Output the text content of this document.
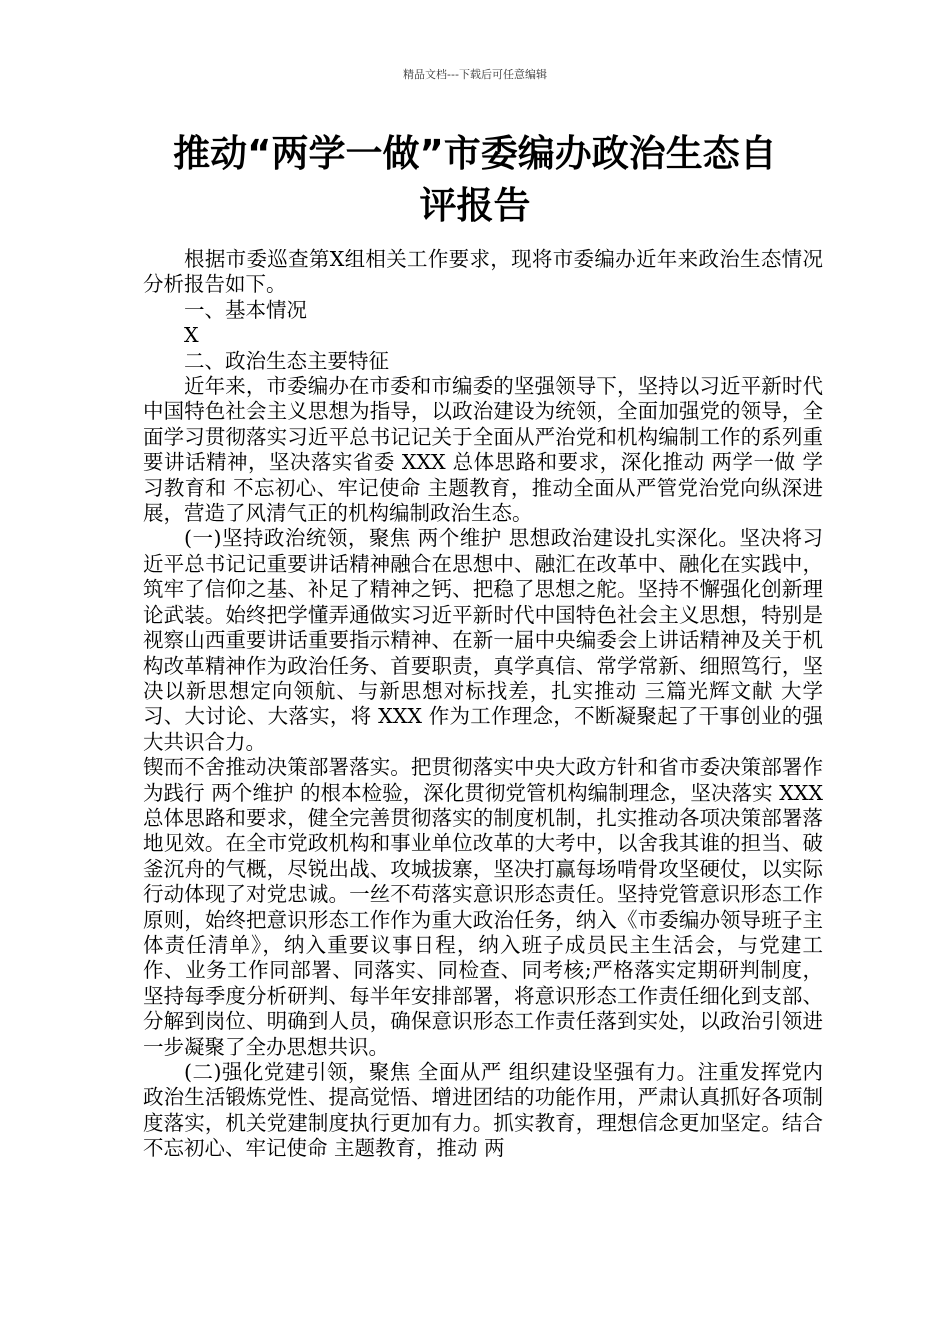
精品文档---下载后可任意编辑
推动“两学一做”市委编办政治生态自
评报告

根据市委巡查第X组相关工作要求，现将市委编办近年来政治生态情况分析报告如下。

一、基本情况

X

二、政治生态主要特征

近年来，市委编办在市委和市编委的坚强领导下，坚持以习近平新时代中国特色社会主义思想为指导，以政治建设为统领，全面加强党的领导，全面学习贯彻落实习近平总书记记关于全面从严治党和机构编制工作的系列重要讲话精神，坚决落实省委 XXX 总体思路和要求，深化推动 两学一做 学习教育和 不忘初心、牢记使命 主题教育，推动全面从严管党治党向纵深进展，营造了风清气正的机构编制政治生态。

(一)坚持政治统领，聚焦 两个维护 思想政治建设扎实深化。坚决将习近平总书记记重要讲话精神融合在思想中、融汇在改革中、融化在实践中，筑牢了信仰之基、补足了精神之钙、把稳了思想之舵。坚持不懈强化创新理论武装。始终把学懂弄通做实习近平新时代中国特色社会主义思想，特别是视察山西重要讲话重要指示精神、在新一届中央编委会上讲话精神及关于机构改革精神作为政治任务、首要职责，真学真信、常学常新、细照笃行，坚决以新思想定向领航、与新思想对标找差，扎实推动 三篇光辉文献 大学习、大讨论、大落实，将 XXX 作为工作理念，不断凝聚起了干事创业的强大共识合力。

锲而不舍推动决策部署落实。把贯彻落实中央大政方针和省市委决策部署作为践行 两个维护 的根本检验，深化贯彻党管机构编制理念，坚决落实 XXX 总体思路和要求，健全完善贯彻落实的制度机制，扎实推动各项决策部署落地见效。在全市党政机构和事业单位改革的大考中，以舍我其谁的担当、破釜沉舟的气概，尽锐出战、攻城拔寨，坚决打赢每场啃骨攻坚硬仗，以实际行动体现了对党忠诚。一丝不苟落实意识形态责任。坚持党管意识形态工作原则，始终把意识形态工作作为重大政治任务，纳入《市委编办领导班子主体责任清单》，纳入重要议事日程，纳入班子成员民主生活会，与党建工作、业务工作同部署、同落实、同检查、同考核;严格落实定期研判制度，坚持每季度分析研判、每半年安排部署，将意识形态工作责任细化到支部、分解到岗位、明确到人员，确保意识形态工作责任落到实处，以政治引领进一步凝聚了全办思想共识。

(二)强化党建引领，聚焦 全面从严 组织建设坚强有力。注重发挥党内政治生活锻炼党性、提高觉悟、增进团结的功能作用，严肃认真抓好各项制度落实，机关党建制度执行更加有力。抓实教育，理想信念更加坚定。结合 不忘初心、牢记使命 主题教育，推动 两
